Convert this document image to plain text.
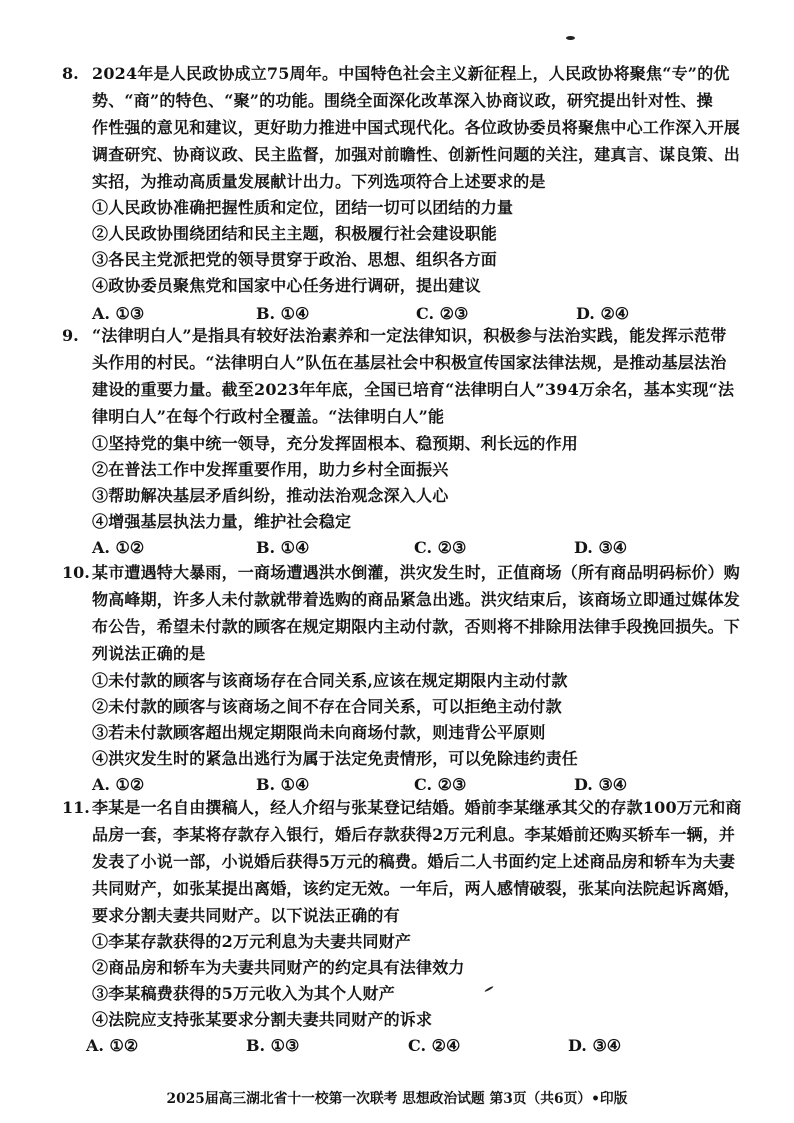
8. 2024年是人民政协成立75周年。中国特色社会主义新征程上，人民政协将聚焦“专”的优
势、“商”的特色、“聚”的功能。围绕全面深化改革深入协商议政，研究提出针对性、操
作性强的意见和建议，更好助力推进中国式现代化。各位政协委员将聚焦中心工作深入开展
调查研究、协商议政、民主监督，加强对前瞻性、创新性问题的关注，建真言、谋良策、出
实招，为推动高质量发展献计出力。下列选项符合上述要求的是
①人民政协准确把握性质和定位，团结一切可以团结的力量
②人民政协围绕团结和民主主题，积极履行社会建设职能
③各民主党派把党的领导贯穿于政治、思想、组织各方面
④政协委员聚焦党和国家中心任务进行调研，提出建议
A. ①③	B. ①④	C. ②③	D. ②④
9. “法律明白人”是指具有较好法治素养和一定法律知识，积极参与法治实践，能发挥示范带
头作用的村民。“法律明白人”队伍在基层社会中积极宣传国家法律法规，是推动基层法治
建设的重要力量。截至2023年年底，全国已培育“法律明白人”394万余名，基本实现“法
律明白人”在每个行政村全覆盖。“法律明白人”能
①坚持党的集中统一领导，充分发挥固根本、稳预期、利长远的作用
②在普法工作中发挥重要作用，助力乡村全面振兴
③帮助解决基层矛盾纠纷，推动法治观念深入人心
④增强基层执法力量，维护社会稳定
A. ①②	B. ①④	C. ②③	D. ③④
10. 某市遭遇特大暴雨，一商场遭遇洪水倒灌，洪灾发生时，正值商场（所有商品明码标价）购
物高峰期，许多人未付款就带着选购的商品紧急出逃。洪灾结束后，该商场立即通过媒体发
布公告，希望未付款的顾客在规定期限内主动付款，否则将不排除用法律手段挽回损失。下
列说法正确的是
①未付款的顾客与该商场存在合同关系,应该在规定期限内主动付款
②未付款的顾客与该商场之间不存在合同关系，可以拒绝主动付款
③若未付款顾客超出规定期限尚未向商场付款，则违背公平原则
④洪灾发生时的紧急出逃行为属于法定免责情形，可以免除违约责任
A. ①②	B. ①④	C. ②③	D. ③④
11. 李某是一名自由撰稿人，经人介绍与张某登记结婚。婚前李某继承其父的存款100万元和商
品房一套，李某将存款存入银行，婚后存款获得2万元利息。李某婚前还购买轿车一辆，并
发表了小说一部，小说婚后获得5万元的稿费。婚后二人书面约定上述商品房和轿车为夫妻
共同财产，如张某提出离婚，该约定无效。一年后，两人感情破裂，张某向法院起诉离婚，
要求分割夫妻共同财产。以下说法正确的有
①李某存款获得的2万元利息为夫妻共同财产
②商品房和轿车为夫妻共同财产的约定具有法律效力
③李某稿费获得的5万元收入为其个人财产
④法院应支持张某要求分割夫妻共同财产的诉求
A. ①②	B. ①③	C. ②④	D. ③④
2025届高三湖北省十一校第一次联考 思想政治试题 第3页（共6页）•印版
